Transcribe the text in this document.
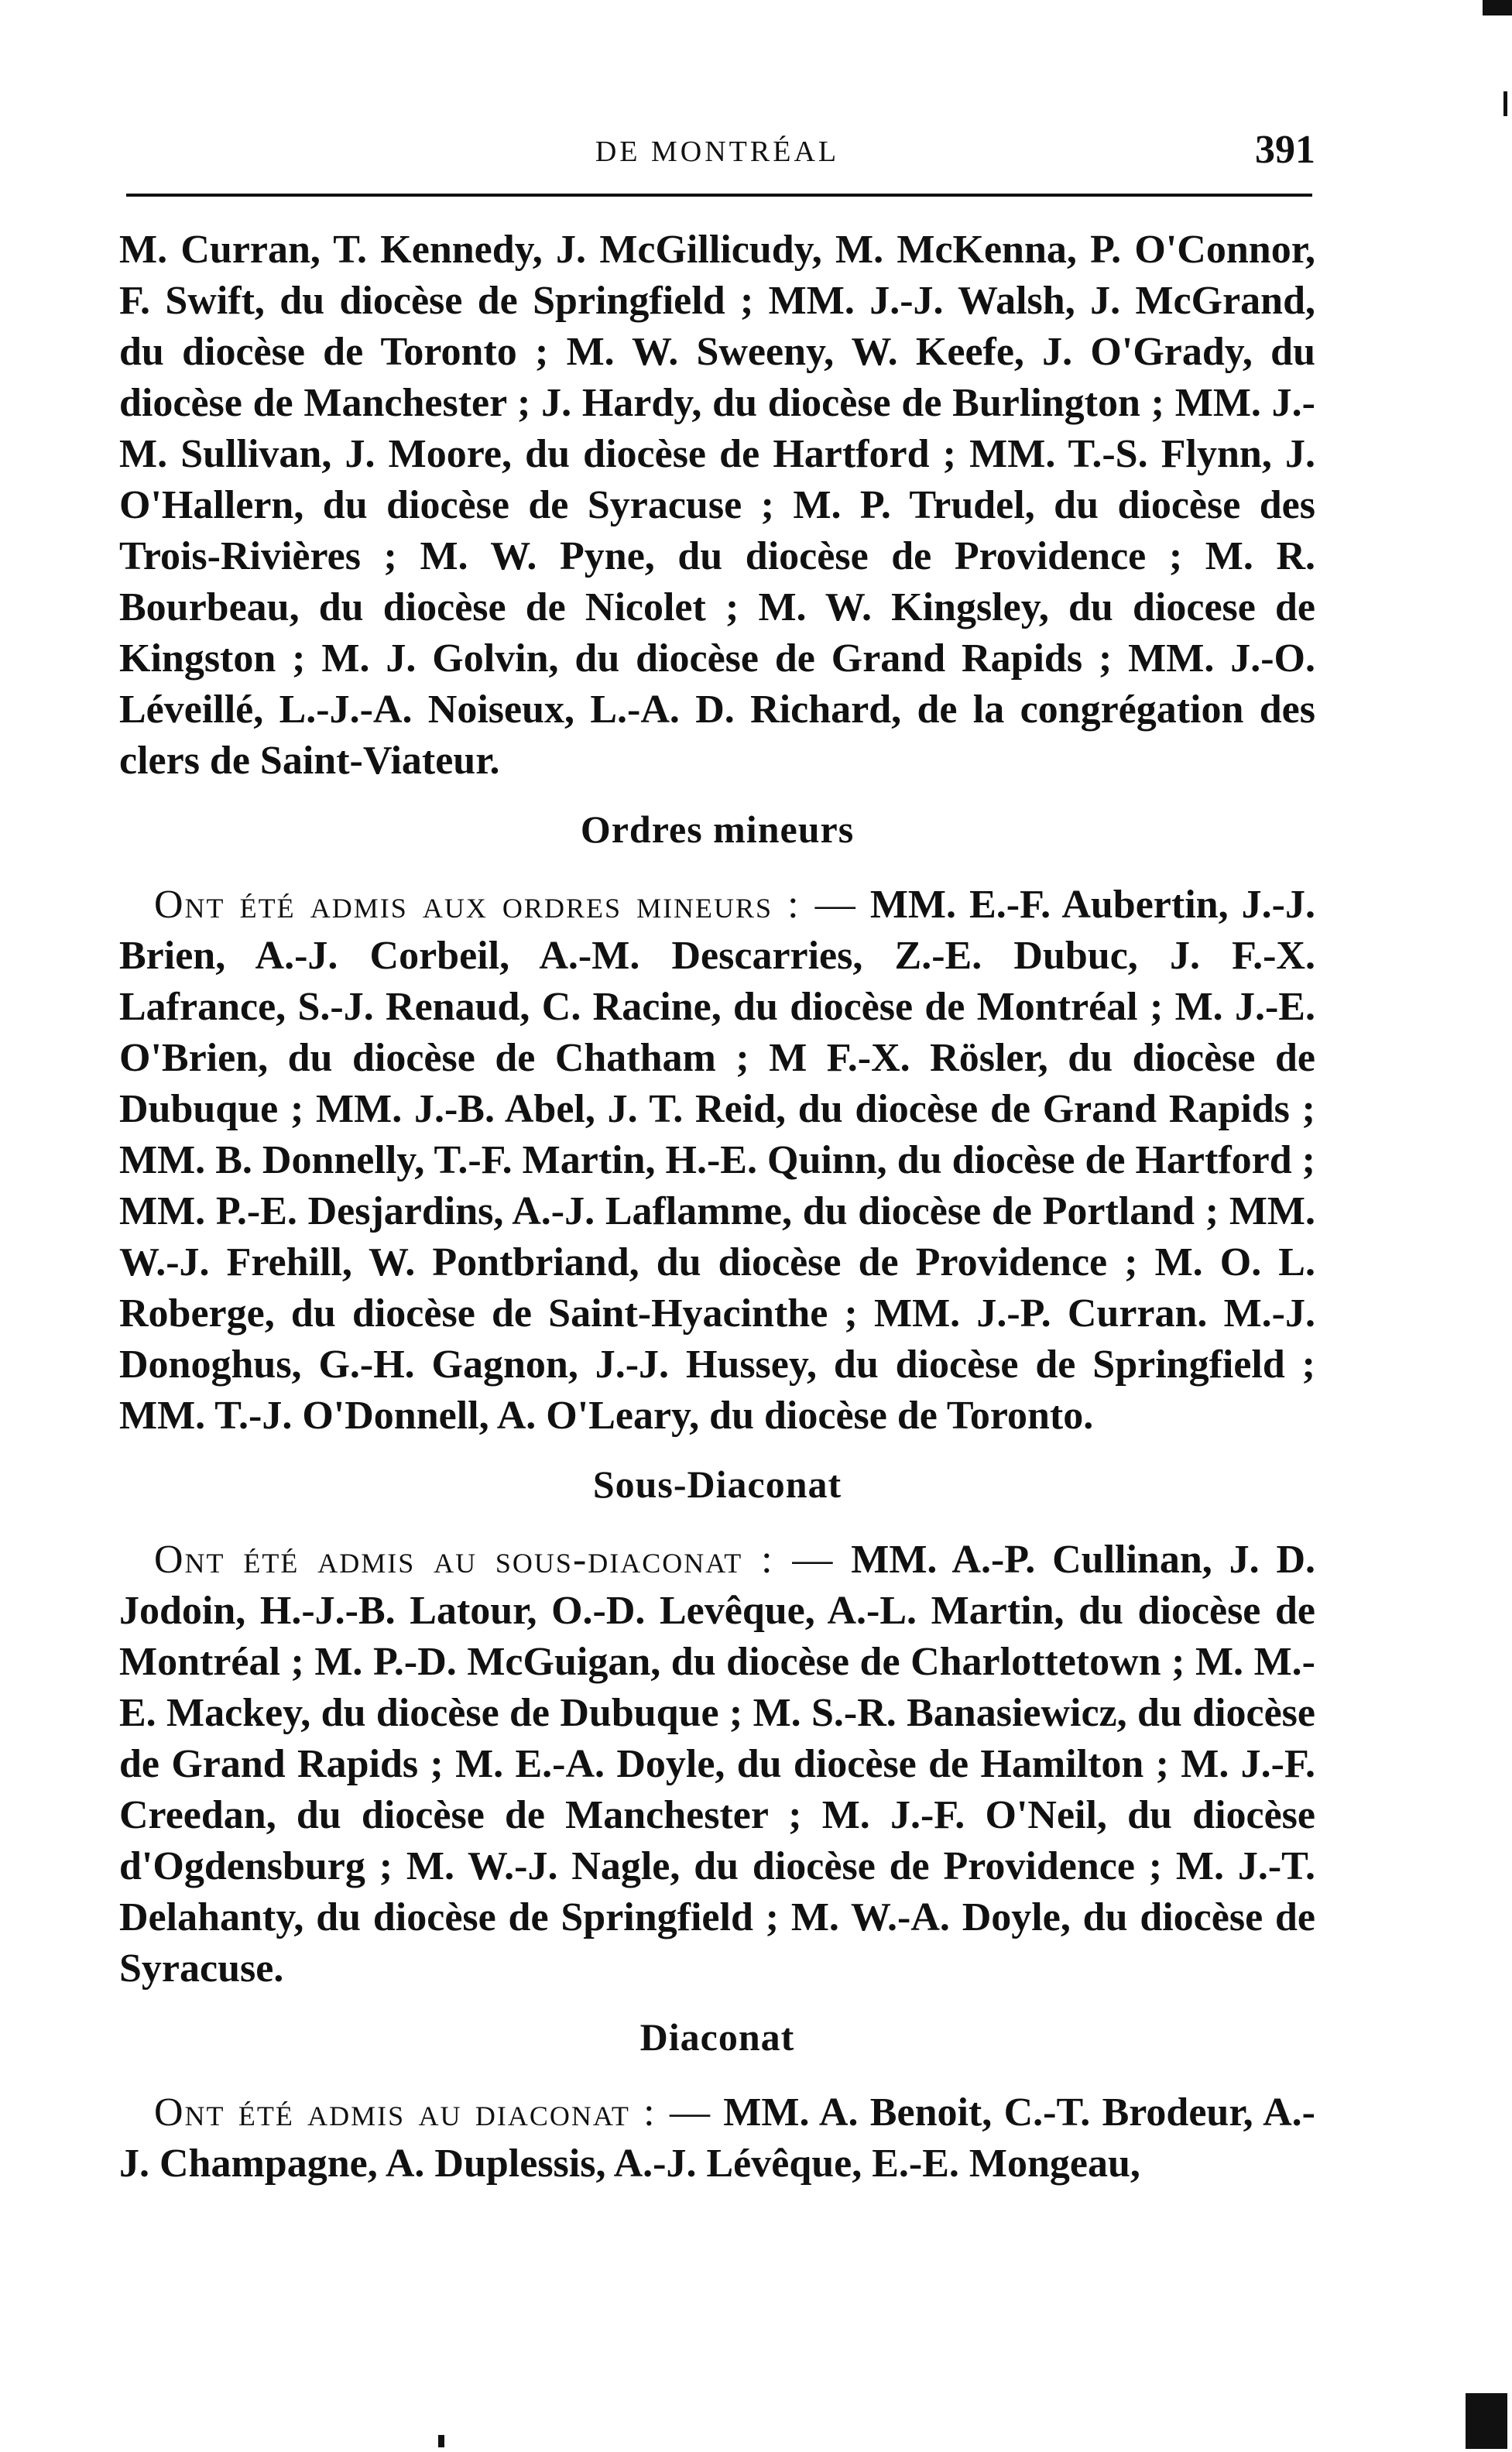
DE MONTRÉAL	391

M. Curran, T. Kennedy, J. McGillicudy, M. McKenna, P. O'Connor, F. Swift, du diocèse de Springfield ; MM. J.-J. Walsh, J. McGrand, du diocèse de Toronto ; M. W. Sweeny, W. Keefe, J. O'Grady, du diocèse de Manchester ; J. Hardy, du diocèse de Burlington ; MM. J.-M. Sullivan, J. Moore, du diocèse de Hartford ; MM. T.-S. Flynn, J. O'Hallern, du diocèse de Syracuse ; M. P. Trudel, du diocèse des Trois-Rivières ; M. W. Pyne, du diocèse de Providence ; M. R. Bourbeau, du diocèse de Nicolet ; M. W. Kingsley, du diocese de Kingston ; M. J. Golvin, du diocèse de Grand Rapids ; MM. J.-O. Léveillé, L.-J.-A. Noiseux, L.-A. D. Richard, de la congrégation des clers de Saint-Viateur.

Ordres mineurs

Ont été admis aux ordres mineurs : — MM. E.-F. Aubertin, J.-J. Brien, A.-J. Corbeil, A.-M. Descarries, Z.-E. Dubuc, J. F.-X. Lafrance, S.-J. Renaud, C. Racine, du diocèse de Montréal ; M. J.-E. O'Brien, du diocèse de Chatham ; M F.-X. Rösler, du diocèse de Dubuque ; MM. J.-B. Abel, J. T. Reid, du diocèse de Grand Rapids ; MM. B. Donnelly, T.-F. Martin, H.-E. Quinn, du diocèse de Hartford ; MM. P.-E. Desjardins, A.-J. Laflamme, du diocèse de Portland ; MM. W.-J. Frehill, W. Pontbriand, du diocèse de Providence ; M. O. L. Roberge, du diocèse de Saint-Hyacinthe ; MM. J.-P. Curran. M.-J. Donoghus, G.-H. Gagnon, J.-J. Hussey, du diocèse de Springfield ; MM. T.-J. O'Donnell, A. O'Leary, du diocèse de Toronto.

Sous-Diaconat

Ont été admis au sous-diaconat : — MM. A.-P. Cullinan, J. D. Jodoin, H.-J.-B. Latour, O.-D. Levêque, A.-L. Martin, du diocèse de Montréal ; M. P.-D. McGuigan, du diocèse de Charlottetown ; M. M.-E. Mackey, du diocèse de Dubuque ; M. S.-R. Banasiewicz, du diocèse de Grand Rapids ; M. E.-A. Doyle, du diocèse de Hamilton ; M. J.-F. Creedan, du diocèse de Manchester ; M. J.-F. O'Neil, du diocèse d'Ogdensburg ; M. W.-J. Nagle, du diocèse de Providence ; M. J.-T. Delahanty, du diocèse de Springfield ; M. W.-A. Doyle, du diocèse de Syracuse.

Diaconat

Ont été admis au diaconat : — MM. A. Benoit, C.-T. Brodeur, A.-J. Champagne, A. Duplessis, A.-J. Lévêque, E.-E. Mongeau,
